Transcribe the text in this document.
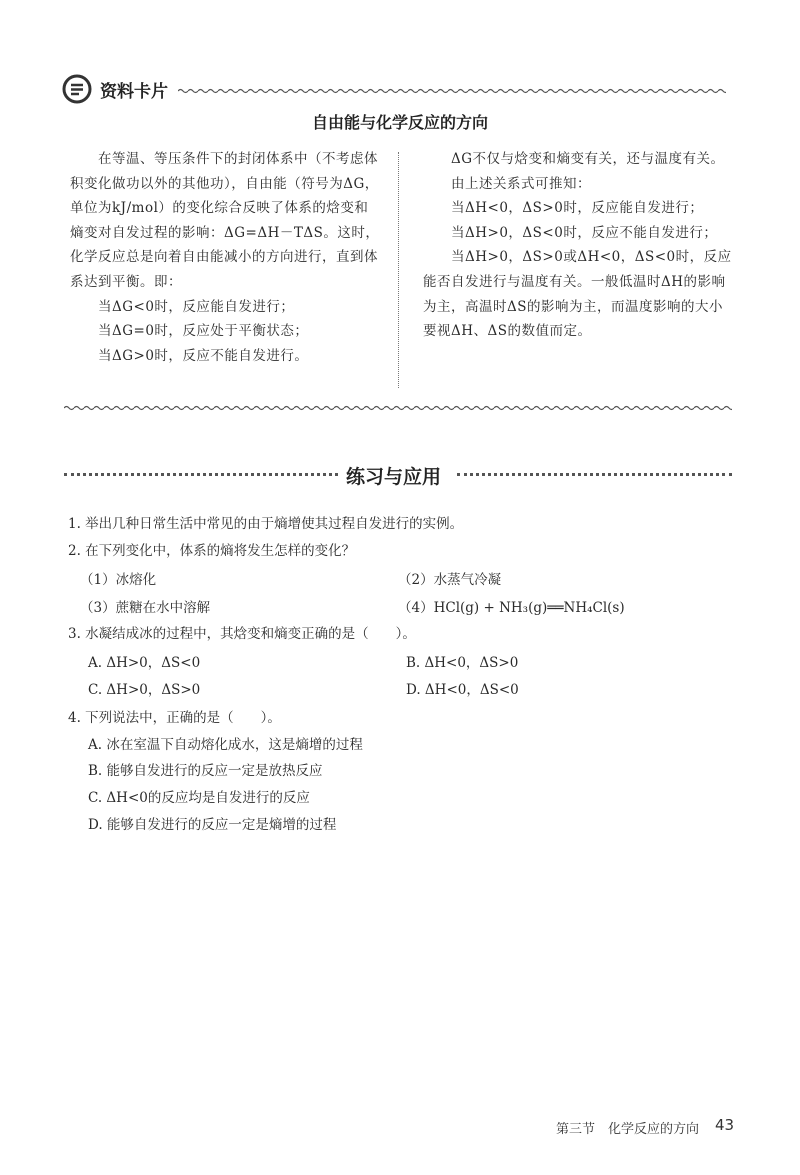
资料卡片
自由能与化学反应的方向

在等温、等压条件下的封闭体系中（不考虑体积变化做功以外的其他功），自由能（符号为ΔG，单位为kJ/mol）的变化综合反映了体系的焓变和熵变对自发过程的影响：ΔG=ΔH－TΔS。这时，化学反应总是向着自由能减小的方向进行，直到体系达到平衡。即：

当ΔG<0时，反应能自发进行；

当ΔG=0时，反应处于平衡状态；

当ΔG>0时，反应不能自发进行。

ΔG不仅与焓变和熵变有关，还与温度有关。

由上述关系式可推知：

当ΔH<0，ΔS>0时，反应能自发进行；

当ΔH>0，ΔS<0时，反应不能自发进行；

当ΔH>0，ΔS>0或ΔH<0，ΔS<0时，反应能否自发进行与温度有关。一般低温时ΔH的影响为主，高温时ΔS的影响为主，而温度影响的大小要视ΔH、ΔS的数值而定。

练习与应用
1. 举出几种日常生活中常见的由于熵增使其过程自发进行的实例。
2. 在下列变化中，体系的熵将发生怎样的变化？
（1）冰熔化	（2）水蒸气冷凝
（3）蔗糖在水中溶解	（4）HCl(g) + NH₃(g)══NH₄Cl(s)
3. 水凝结成冰的过程中，其焓变和熵变正确的是（　　）。
A. ΔH>0，ΔS<0	B. ΔH<0，ΔS>0
C. ΔH>0，ΔS>0	D. ΔH<0，ΔS<0
4. 下列说法中，正确的是（　　）。
A. 冰在室温下自动熔化成水，这是熵增的过程
B. 能够自发进行的反应一定是放热反应
C. ΔH<0的反应均是自发进行的反应
D. 能够自发进行的反应一定是熵增的过程
第三节　化学反应的方向 43
